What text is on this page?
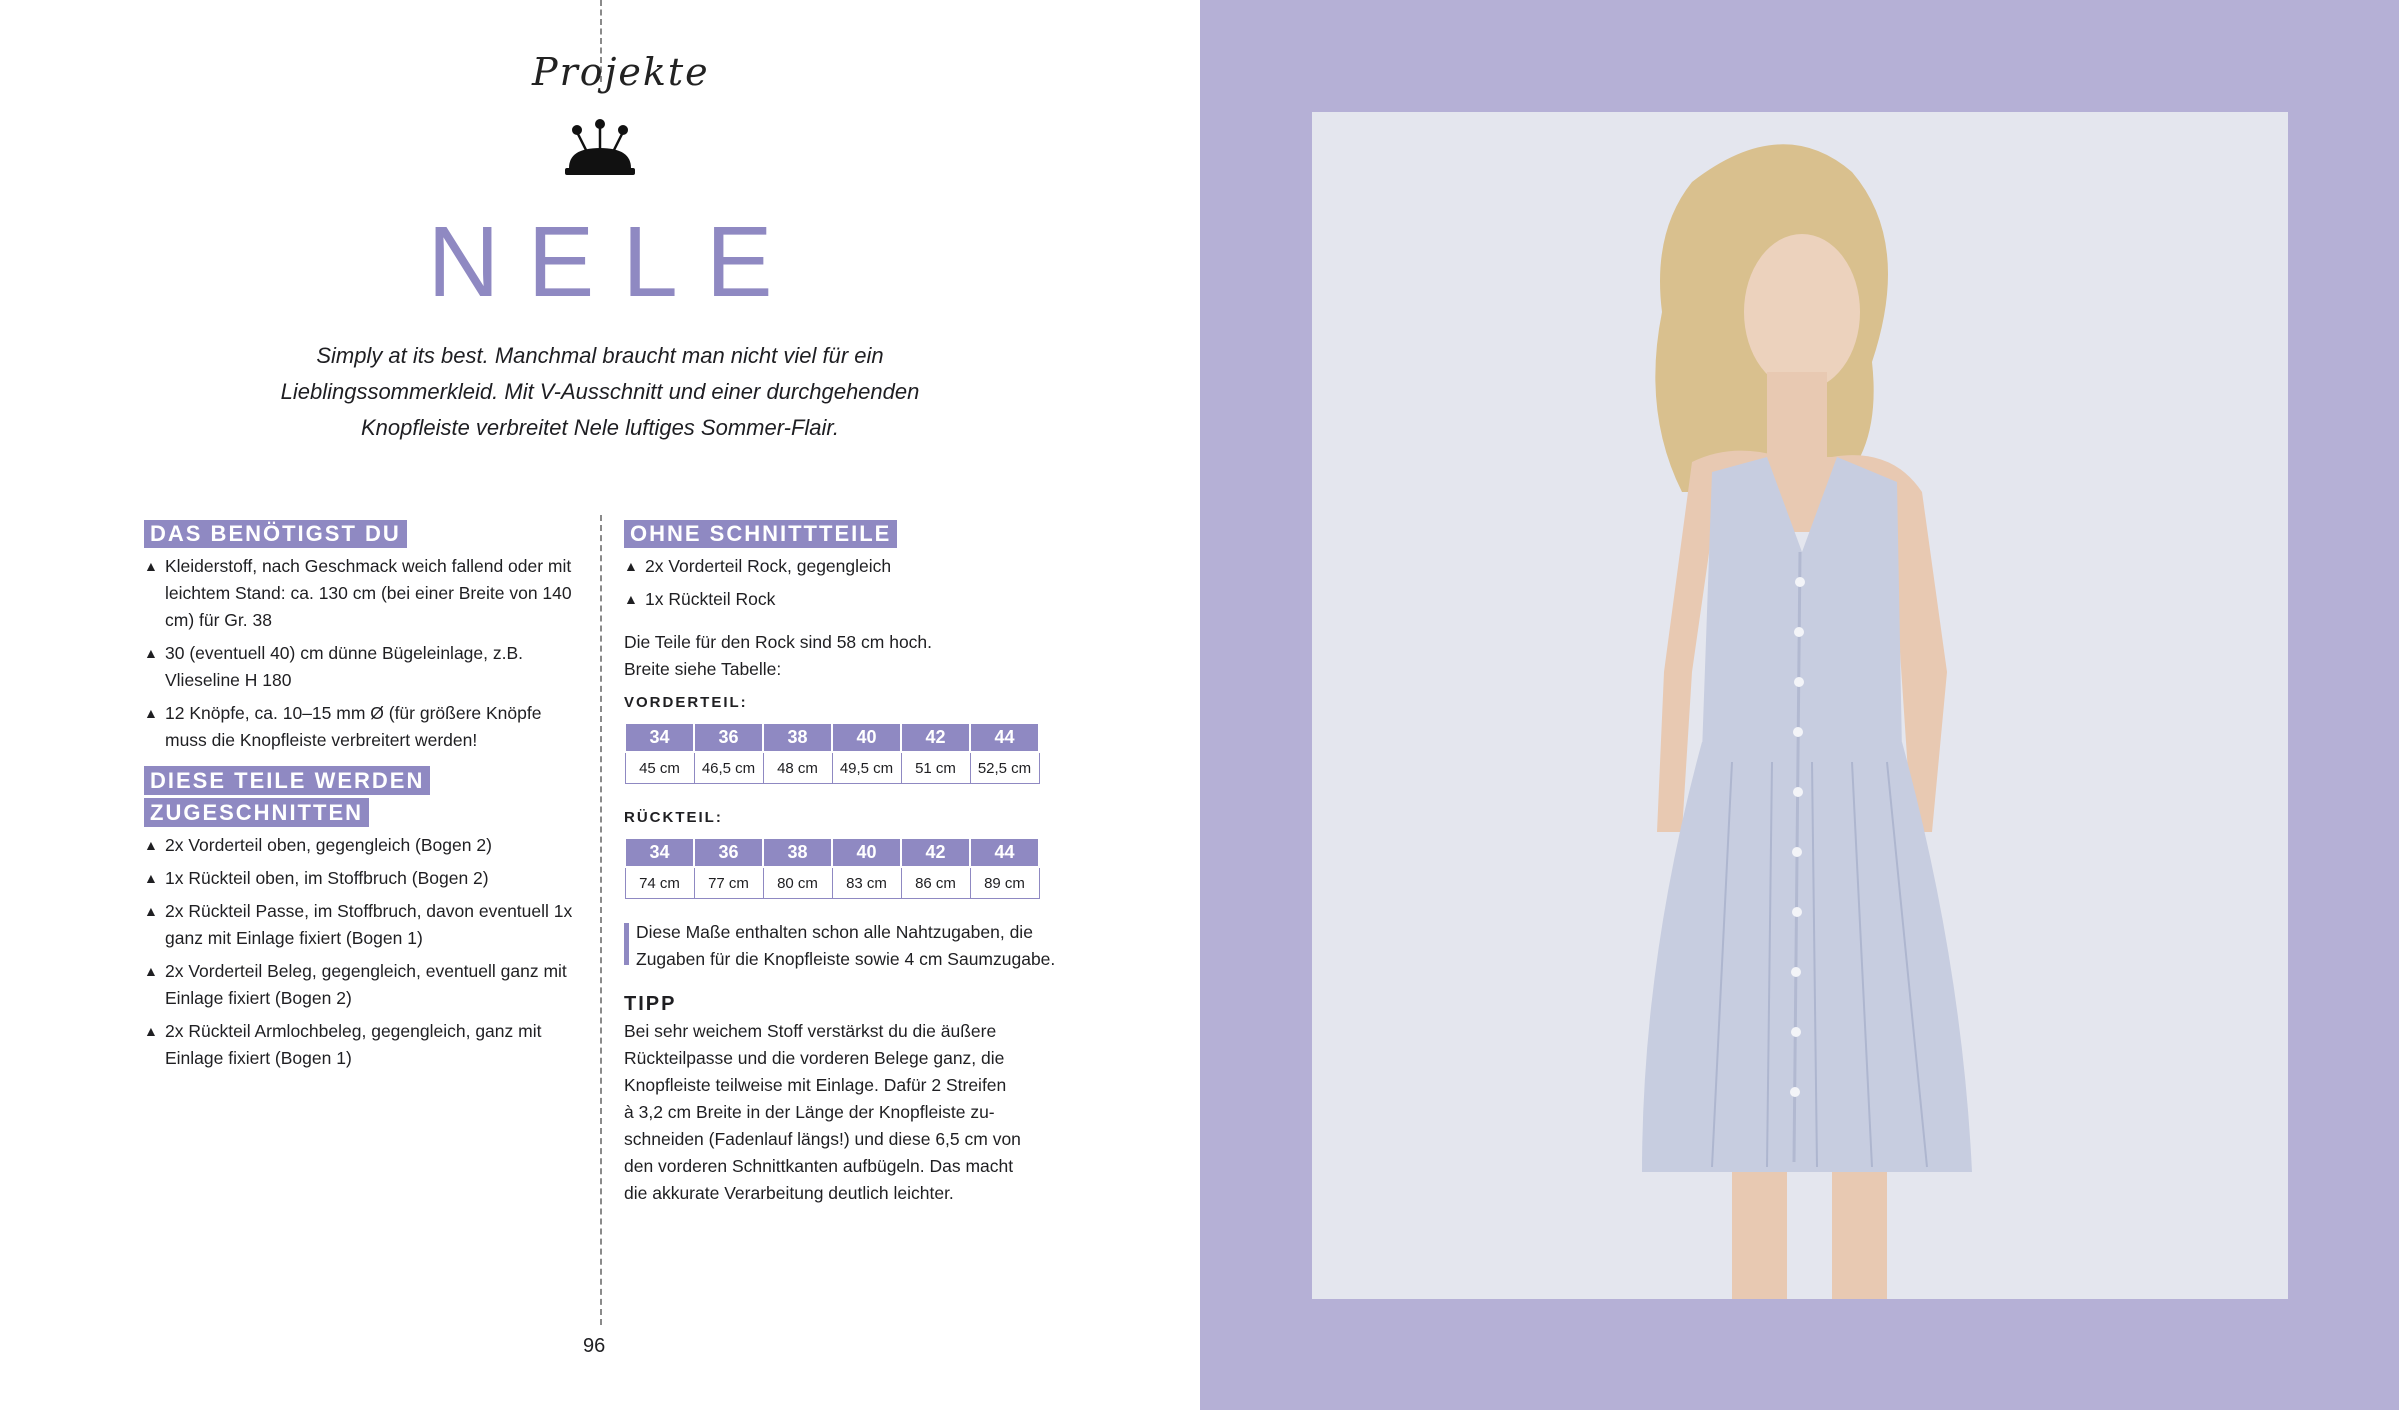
Projekte
NELE
Simply at its best. Manchmal braucht man nicht viel für ein
Lieblingssommerkleid. Mit V-Ausschnitt und einer durchgehenden
Knopfleiste verbreitet Nele luftiges Sommer-Flair.
DAS BENÖTIGST DU
▲ Kleiderstoff, nach Geschmack weich fallend oder mit leichtem Stand: ca. 130 cm (bei einer Breite von 140 cm) für Gr. 38
▲ 30 (eventuell 40) cm dünne Bügeleinlage, z.B. Vlieseline H 180
▲ 12 Knöpfe, ca. 10–15 mm Ø (für größere Knöpfe muss die Knopfleiste verbreitert werden!
DIESE TEILE WERDEN
ZUGESCHNITTEN
▲ 2x Vorderteil oben, gegengleich (Bogen 2)
▲ 1x Rückteil oben, im Stoffbruch (Bogen 2)
▲ 2x Rückteil Passe, im Stoffbruch, davon eventuell 1x ganz mit Einlage fixiert (Bogen 1)
▲ 2x Vorderteil Beleg, gegengleich, eventuell ganz mit Einlage fixiert (Bogen 2)
▲ 2x Rückteil Armlochbeleg, gegengleich, ganz mit Einlage fixiert (Bogen 1)
OHNE SCHNITTTEILE
▲ 2x Vorderteil Rock, gegengleich
▲ 1x Rückteil Rock
Die Teile für den Rock sind 58 cm hoch.
Breite siehe Tabelle:
VORDERTEIL:
34	36	38	40	42	44
45 cm	46,5 cm	48 cm	49,5 cm	51 cm	52,5 cm
RÜCKTEIL:
34	36	38	40	42	44
74 cm	77 cm	80 cm	83 cm	86 cm	89 cm
Diese Maße enthalten schon alle Nahtzugaben, die
Zugaben für die Knopfleiste sowie 4 cm Saumzugabe.
TIPP
Bei sehr weichem Stoff verstärkst du die äußere
Rückteilpasse und die vorderen Belege ganz, die
Knopfleiste teilweise mit Einlage. Dafür 2 Streifen
à 3,2 cm Breite in der Länge der Knopfleiste zu-
schneiden (Fadenlauf längs!) und diese 6,5 cm von
den vorderen Schnittkanten aufbügeln. Das macht
die akkurate Verarbeitung deutlich leichter.
96
